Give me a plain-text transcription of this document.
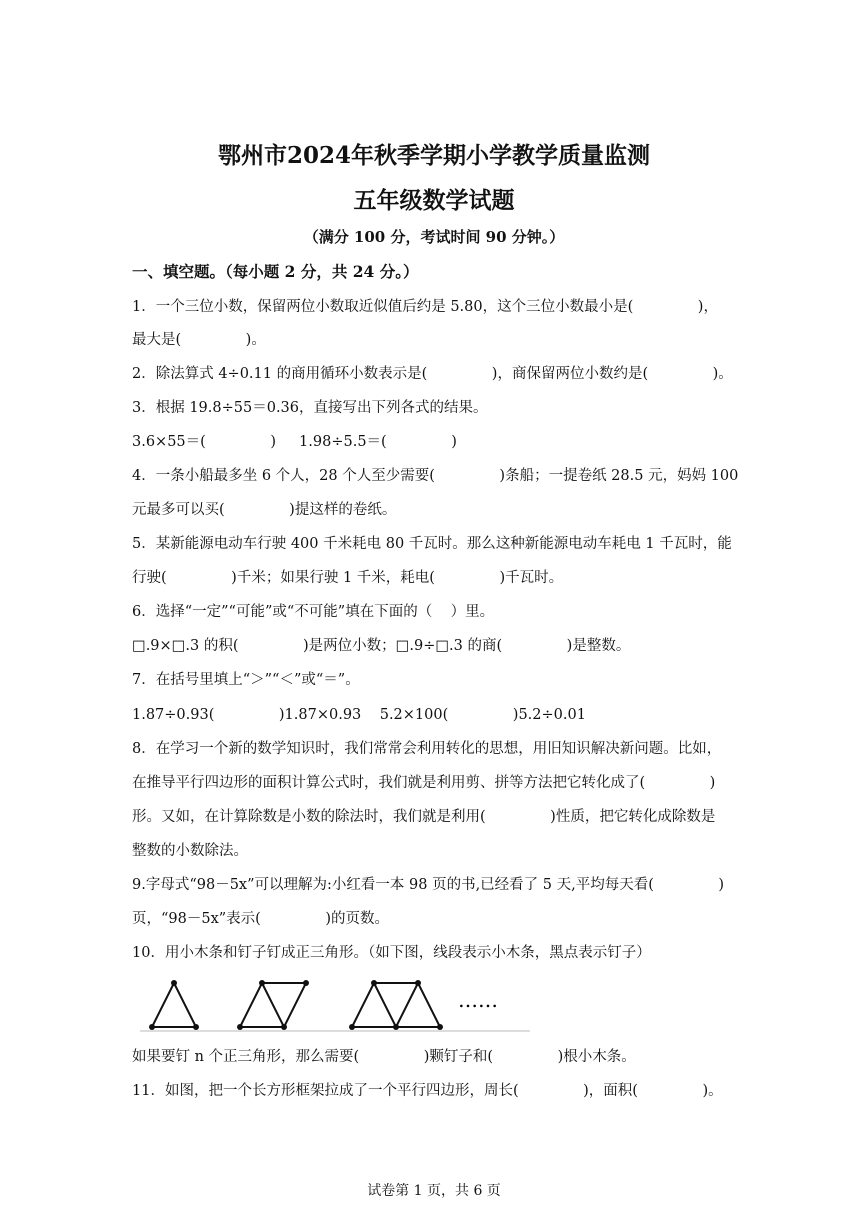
鄂州市2024年秋季学期小学教学质量监测
五年级数学试题
（满分 100 分，考试时间 90 分钟。）
一、填空题。（每小题 2 分，共 24 分。）
1．一个三位小数，保留两位小数取近似值后约是 5.80，这个三位小数最小是(              )，
最大是(              )。
2．除法算式 4÷0.11 的商用循环小数表示是(              )，商保留两位小数约是(              )。
3．根据 19.8÷55＝0.36，直接写出下列各式的结果。
3.6×55＝(              )     1.98÷5.5＝(              )
4．一条小船最多坐 6 个人，28 个人至少需要(              )条船；一提卷纸 28.5 元，妈妈 100
元最多可以买(              )提这样的卷纸。
5．某新能源电动车行驶 400 千米耗电 80 千瓦时。那么这种新能源电动车耗电 1 千瓦时，能
行驶(              )千米；如果行驶 1 千米，耗电(              )千瓦时。
6．选择“一定”“可能”或“不可能”填在下面的（    ）里。
□.9×□.3 的积(              )是两位小数；□.9÷□.3 的商(              )是整数。
7．在括号里填上“＞”“＜”或“＝”。
1.87÷0.93(              )1.87×0.93    5.2×100(              )5.2÷0.01
8．在学习一个新的数学知识时，我们常常会利用转化的思想，用旧知识解决新问题。比如，
在推导平行四边形的面积计算公式时，我们就是利用剪、拼等方法把它转化成了(              )
形。又如，在计算除数是小数的除法时，我们就是利用(              )性质，把它转化成除数是
整数的小数除法。
9.字母式“98－5x”可以理解为:小红看一本 98 页的书,已经看了 5 天,平均每天看(              )
页，“98－5x”表示(              )的页数。
10．用小木条和钉子钉成正三角形。（如下图，线段表示小木条，黑点表示钉子）
……
如果要钉 n 个正三角形，那么需要(              )颗钉子和(              )根小木条。
11．如图，把一个长方形框架拉成了一个平行四边形，周长(              )，面积(              )。
试卷第 1 页，共 6 页
